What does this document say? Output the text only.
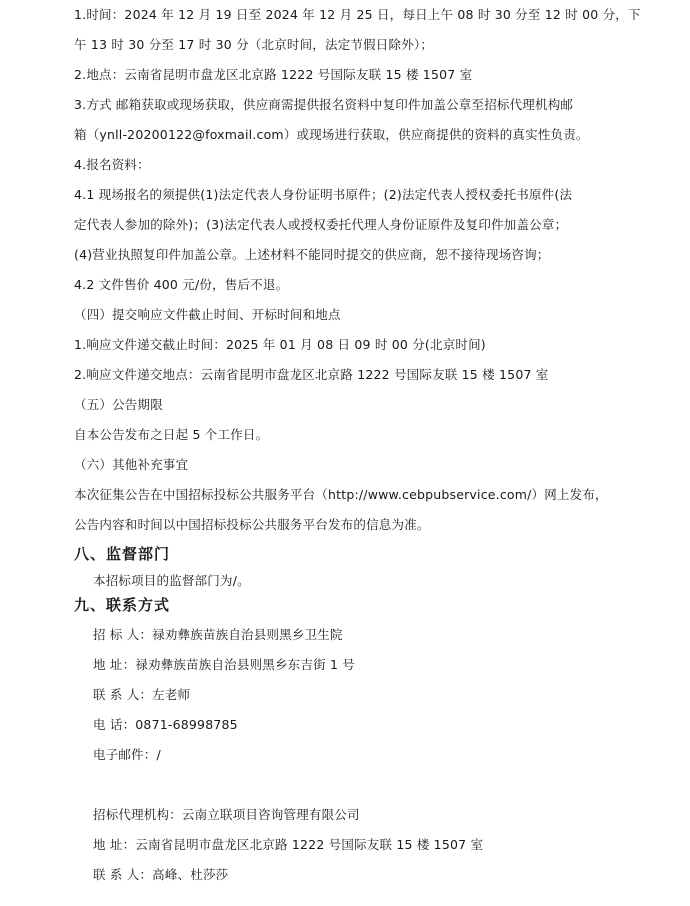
1.时间：2024 年 12 月 19 日至 2024 年 12 月 25 日，每日上午 08 时 30 分至 12 时 00 分，下

午 13 时 30 分至 17 时 30 分（北京时间，法定节假日除外）；

2.地点：云南省昆明市盘龙区北京路 1222 号国际友联 15 楼 1507 室

3.方式 邮箱获取或现场获取，供应商需提供报名资料中复印件加盖公章至招标代理机构邮

箱（ynll-20200122@foxmail.com）或现场进行获取，供应商提供的资料的真实性负责。

4.报名资料：

4.1 现场报名的须提供(1)法定代表人身份证明书原件；(2)法定代表人授权委托书原件(法

定代表人参加的除外)；(3)法定代表人或授权委托代理人身份证原件及复印件加盖公章；

(4)营业执照复印件加盖公章。上述材料不能同时提交的供应商，恕不接待现场咨询；

4.2 文件售价 400 元/份，售后不退。

（四）提交响应文件截止时间、开标时间和地点

1.响应文件递交截止时间：2025 年 01 月 08 日 09 时 00 分(北京时间)

2.响应文件递交地点：云南省昆明市盘龙区北京路 1222 号国际友联 15 楼 1507 室

（五）公告期限

自本公告发布之日起 5 个工作日。

（六）其他补充事宜

本次征集公告在中国招标投标公共服务平台（http://www.cebpubservice.com/）网上发布，

公告内容和时间以中国招标投标公共服务平台发布的信息为准。

八、监督部门

本招标项目的监督部门为/。

九、联系方式

招 标 人：禄劝彝族苗族自治县则黑乡卫生院
地 址：禄劝彝族苗族自治县则黑乡东吉街 1 号
联 系 人：左老师
电 话：0871-68998785
电子邮件：/
招标代理机构：云南立联项目咨询管理有限公司
地 址：云南省昆明市盘龙区北京路 1222 号国际友联 15 楼 1507 室
联 系 人：高峰、杜莎莎
